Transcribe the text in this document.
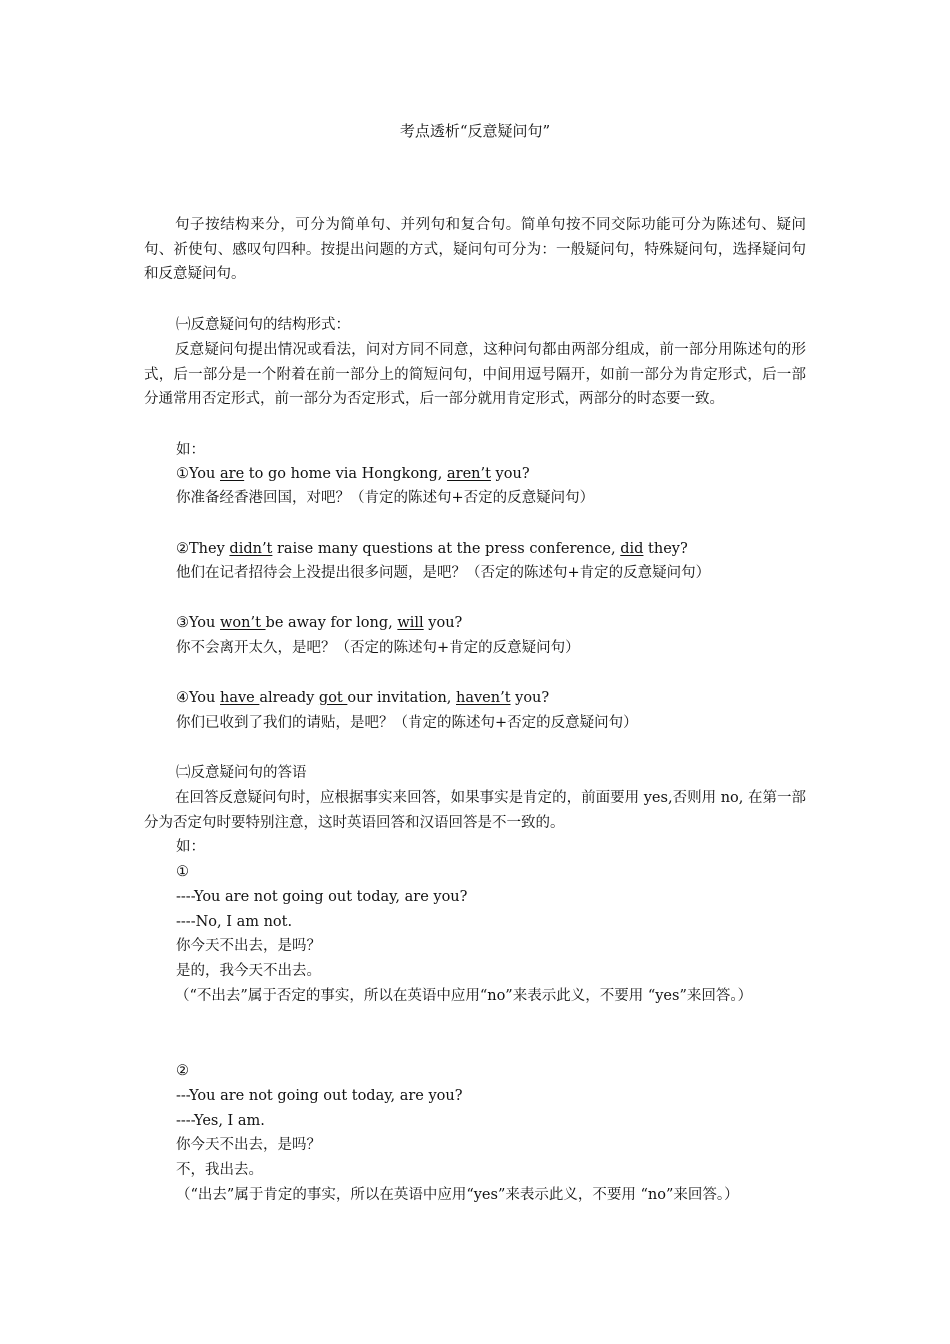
考点透析“反意疑问句”
句子按结构来分，可分为简单句、并列句和复合句。简单句按不同交际功能可分为陈述句、疑问句、祈使句、感叹句四种。按提出问题的方式，疑问句可分为：一般疑问句，特殊疑问句，选择疑问句和反意疑问句。
㈠反意疑问句的结构形式：
反意疑问句提出情况或看法，问对方同不同意，这种问句都由两部分组成，前一部分用陈述句的形式，后一部分是一个附着在前一部分上的简短问句，中间用逗号隔开，如前一部分为肯定形式，后一部分通常用否定形式，前一部分为否定形式，后一部分就用肯定形式，两部分的时态要一致。
如：
①You are to go home via Hongkong, aren’t you?
你准备经香港回国，对吧？（肯定的陈述句+否定的反意疑问句）
②They didn’t raise many questions at the press conference, did they?
他们在记者招待会上没提出很多问题，是吧？（否定的陈述句+肯定的反意疑问句）
③You won’t be away for long, will you?
你不会离开太久，是吧？（否定的陈述句+肯定的反意疑问句）
④You have already got our invitation, haven’t you?
你们已收到了我们的请贴，是吧？（肯定的陈述句+否定的反意疑问句）
㈡反意疑问句的答语
在回答反意疑问句时，应根据事实来回答，如果事实是肯定的，前面要用 yes,否则用 no, 在第一部分为否定句时要特别注意，这时英语回答和汉语回答是不一致的。
如：
①
----You are not going out today, are you?
----No, I am not.
你今天不出去，是吗？
是的，我今天不出去。
（“不出去”属于否定的事实，所以在英语中应用“no”来表示此义，不要用 “yes”来回答。）
②
---You are not going out today, are you?
----Yes, I am.
你今天不出去，是吗？
不，我出去。
（“出去”属于肯定的事实，所以在英语中应用“yes”来表示此义，不要用 “no”来回答。）
